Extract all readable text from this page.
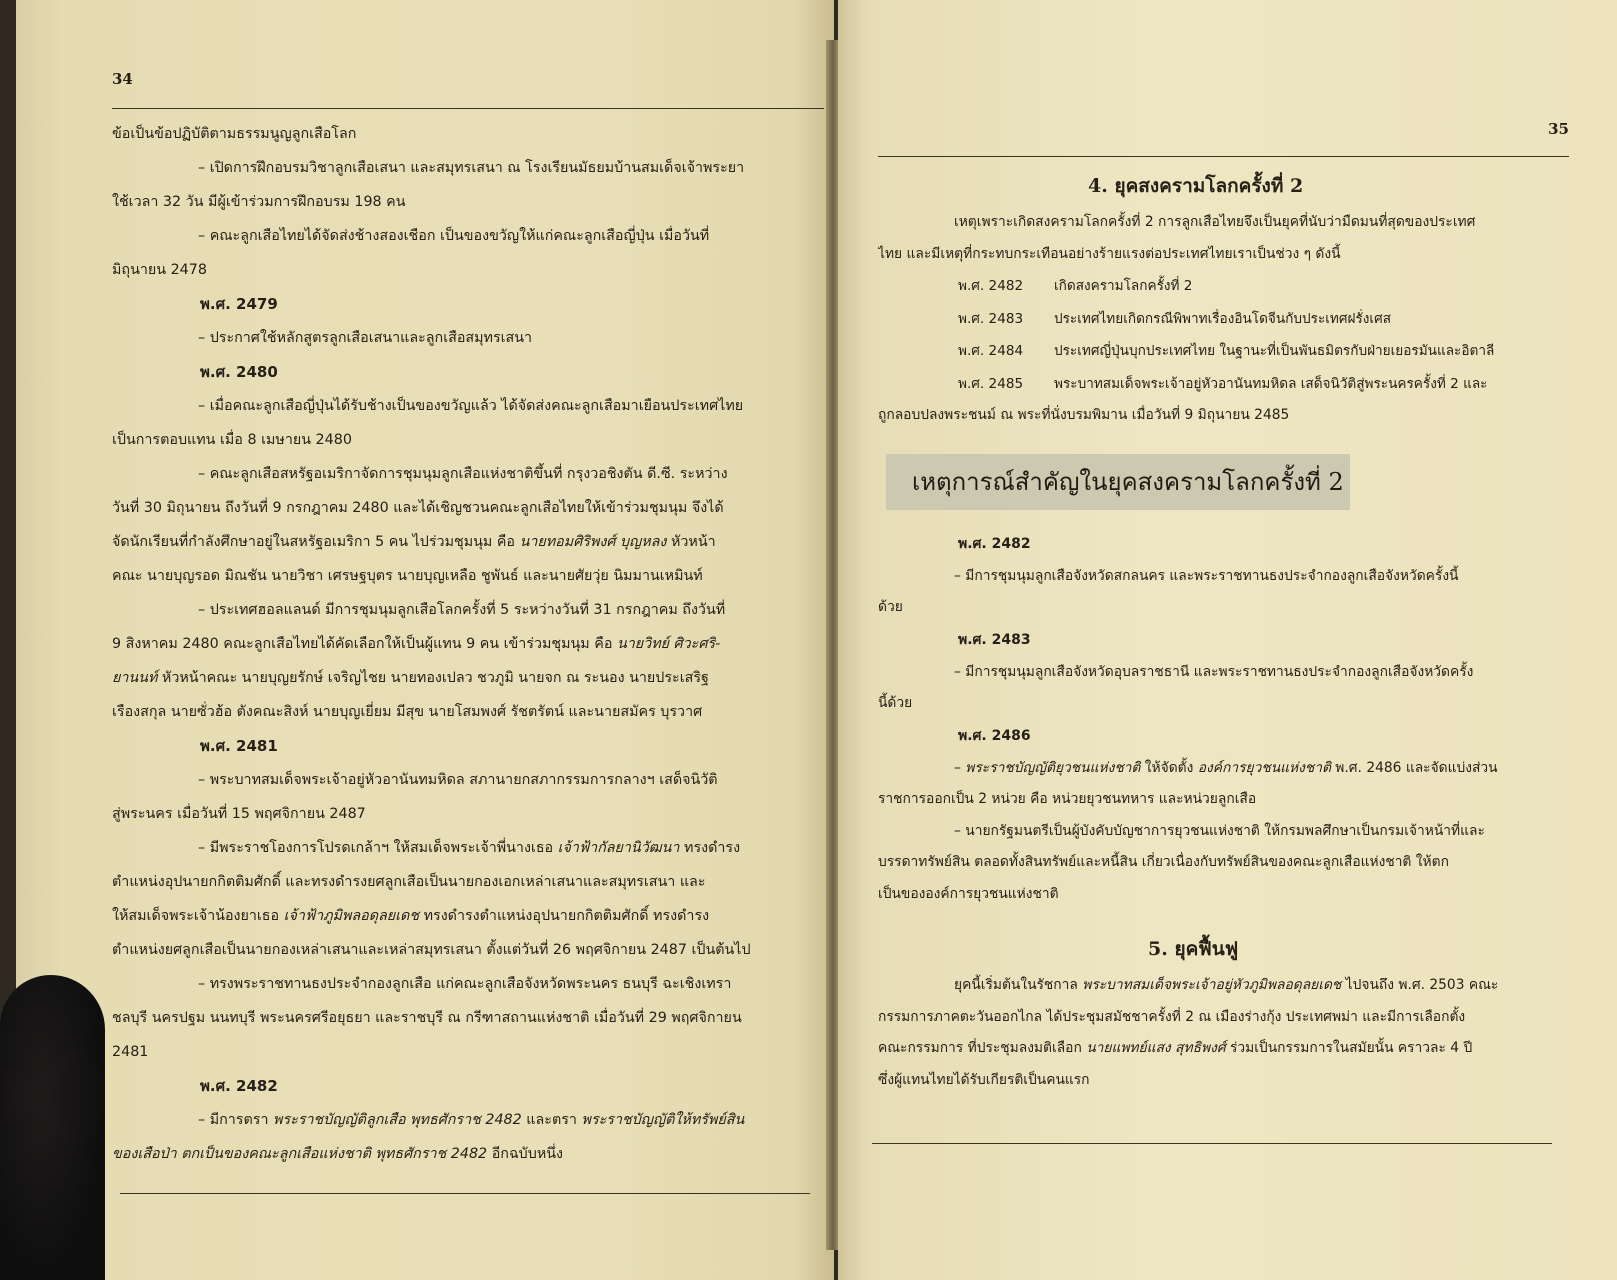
34

ข้อเป็นข้อปฏิบัติตามธรรมนูญลูกเสือโลก

– เปิดการฝึกอบรมวิชาลูกเสือเสนา และสมุทรเสนา ณ โรงเรียนมัธยมบ้านสมเด็จเจ้าพระยา

ใช้เวลา 32 วัน มีผู้เข้าร่วมการฝึกอบรม 198 คน

– คณะลูกเสือไทยได้จัดส่งช้างสองเชือก เป็นของขวัญให้แก่คณะลูกเสือญี่ปุ่น เมื่อวันที่

มิถุนายน 2478

พ.ศ. 2479

– ประกาศใช้หลักสูตรลูกเสือเสนาและลูกเสือสมุทรเสนา

พ.ศ. 2480

– เมื่อคณะลูกเสือญี่ปุ่นได้รับช้างเป็นของขวัญแล้ว ได้จัดส่งคณะลูกเสือมาเยือนประเทศไทย

เป็นการตอบแทน เมื่อ 8 เมษายน 2480

– คณะลูกเสือสหรัฐอเมริกาจัดการชุมนุมลูกเสือแห่งชาติขึ้นที่ กรุงวอชิงตัน ดี.ซี. ระหว่าง

วันที่ 30 มิถุนายน ถึงวันที่ 9 กรกฎาคม 2480 และได้เชิญชวนคณะลูกเสือไทยให้เข้าร่วมชุมนุม จึงได้

จัดนักเรียนที่กำลังศึกษาอยู่ในสหรัฐอเมริกา 5 คน ไปร่วมชุมนุม คือ นายทอมศิริพงศ์ บุญหลง หัวหน้า

คณะ นายบุญรอด มิณชัน นายวิชา เศรษฐบุตร นายบุญเหลือ ชูพันธ์ และนายศัยวุ่ย นิมมานเหมินท์

– ประเทศฮอลแลนด์ มีการชุมนุมลูกเสือโลกครั้งที่ 5 ระหว่างวันที่ 31 กรกฎาคม ถึงวันที่

9 สิงหาคม 2480 คณะลูกเสือไทยได้คัดเลือกให้เป็นผู้แทน 9 คน เข้าร่วมชุมนุม คือ นายวิทย์ ศิวะศริ-

ยานนท์ หัวหน้าคณะ นายบุญยรักษ์ เจริญไชย นายทองเปลว ชวภูมิ นายจก ณ ระนอง นายประเสริฐ

เรืองสกุล นายซั่วฮ้อ ตังคณะสิงห์ นายบุญเยี่ยม มีสุข นายโสมพงศ์ รัชตรัตน์ และนายสมัคร บุรวาศ

พ.ศ. 2481

– พระบาทสมเด็จพระเจ้าอยู่หัวอานันทมหิดล สภานายกสภากรรมการกลางฯ เสด็จนิวัติ

สู่พระนคร เมื่อวันที่ 15 พฤศจิกายน 2487

– มีพระราชโองการโปรดเกล้าฯ ให้สมเด็จพระเจ้าพี่นางเธอ เจ้าฟ้ากัลยานิวัฒนา ทรงดำรง

ตำแหน่งอุปนายกกิตติมศักดิ์ และทรงดำรงยศลูกเสือเป็นนายกองเอกเหล่าเสนาและสมุทรเสนา และ

ให้สมเด็จพระเจ้าน้องยาเธอ เจ้าฟ้าภูมิพลอดุลยเดช ทรงดำรงตำแหน่งอุปนายกกิตติมศักดิ์ ทรงดำรง

ตำแหน่งยศลูกเสือเป็นนายกองเหล่าเสนาและเหล่าสมุทรเสนา ตั้งแต่วันที่ 26 พฤศจิกายน 2487 เป็นต้นไป

– ทรงพระราชทานธงประจำกองลูกเสือ แก่คณะลูกเสือจังหวัดพระนคร ธนบุรี ฉะเชิงเทรา

ชลบุรี นครปฐม นนทบุรี พระนครศรีอยุธยา และราชบุรี ณ กรีฑาสถานแห่งชาติ เมื่อวันที่ 29 พฤศจิกายน

2481

พ.ศ. 2482

– มีการตรา พระราชบัญญัติลูกเสือ พุทธศักราช 2482 และตรา พระราชบัญญัติให้ทรัพย์สิน

ของเสือป่า ตกเป็นของคณะลูกเสือแห่งชาติ พุทธศักราช 2482 อีกฉบับหนึ่ง

35
4. ยุคสงครามโลกครั้งที่ 2

เหตุเพราะเกิดสงครามโลกครั้งที่ 2 การลูกเสือไทยจึงเป็นยุคที่นับว่ามืดมนที่สุดของประเทศ

ไทย และมีเหตุที่กระทบกระเทือนอย่างร้ายแรงต่อประเทศไทยเราเป็นช่วง ๆ ดังนี้

พ.ศ. 2482	เกิดสงครามโลกครั้งที่ 2
พ.ศ. 2483	ประเทศไทยเกิดกรณีพิพาทเรื่องอินโดจีนกับประเทศฝรั่งเศส
พ.ศ. 2484	ประเทศญี่ปุ่นบุกประเทศไทย ในฐานะที่เป็นพันธมิตรกับฝ่ายเยอรมันและอิตาลี
พ.ศ. 2485	พระบาทสมเด็จพระเจ้าอยู่หัวอานันทมหิดล เสด็จนิวัติสู่พระนครครั้งที่ 2 และ

ถูกลอบปลงพระชนม์ ณ พระที่นั่งบรมพิมาน เมื่อวันที่ 9 มิถุนายน 2485

เหตุการณ์สำคัญในยุคสงครามโลกครั้งที่ 2

พ.ศ. 2482

– มีการชุมนุมลูกเสือจังหวัดสกลนคร และพระราชทานธงประจำกองลูกเสือจังหวัดครั้งนี้

ด้วย

พ.ศ. 2483

– มีการชุมนุมลูกเสือจังหวัดอุบลราชธานี และพระราชทานธงประจำกองลูกเสือจังหวัดครั้ง

นี้ด้วย

พ.ศ. 2486

– พระราชบัญญัติยุวชนแห่งชาติ ให้จัดตั้ง องค์การยุวชนแห่งชาติ พ.ศ. 2486 และจัดแบ่งส่วน

ราชการออกเป็น 2 หน่วย คือ หน่วยยุวชนทหาร และหน่วยลูกเสือ

– นายกรัฐมนตรีเป็นผู้บังคับบัญชาการยุวชนแห่งชาติ ให้กรมพลศึกษาเป็นกรมเจ้าหน้าที่และ

บรรดาทรัพย์สิน ตลอดทั้งสินทรัพย์และหนี้สิน เกี่ยวเนื่องกับทรัพย์สินของคณะลูกเสือแห่งชาติ ให้ตก

เป็นขององค์การยุวชนแห่งชาติ

5. ยุคฟื้นฟู

ยุคนี้เริ่มต้นในรัชกาล พระบาทสมเด็จพระเจ้าอยู่หัวภูมิพลอดุลยเดช ไปจนถึง พ.ศ. 2503 คณะ

กรรมการภาคตะวันออกไกล ได้ประชุมสมัชชาครั้งที่ 2 ณ เมืองร่างกุ้ง ประเทศพม่า และมีการเลือกตั้ง

คณะกรรมการ ที่ประชุมลงมติเลือก นายแพทย์แสง สุทธิพงศ์ ร่วมเป็นกรรมการในสมัยนั้น คราวละ 4 ปี

ซึ่งผู้แทนไทยได้รับเกียรติเป็นคนแรก
